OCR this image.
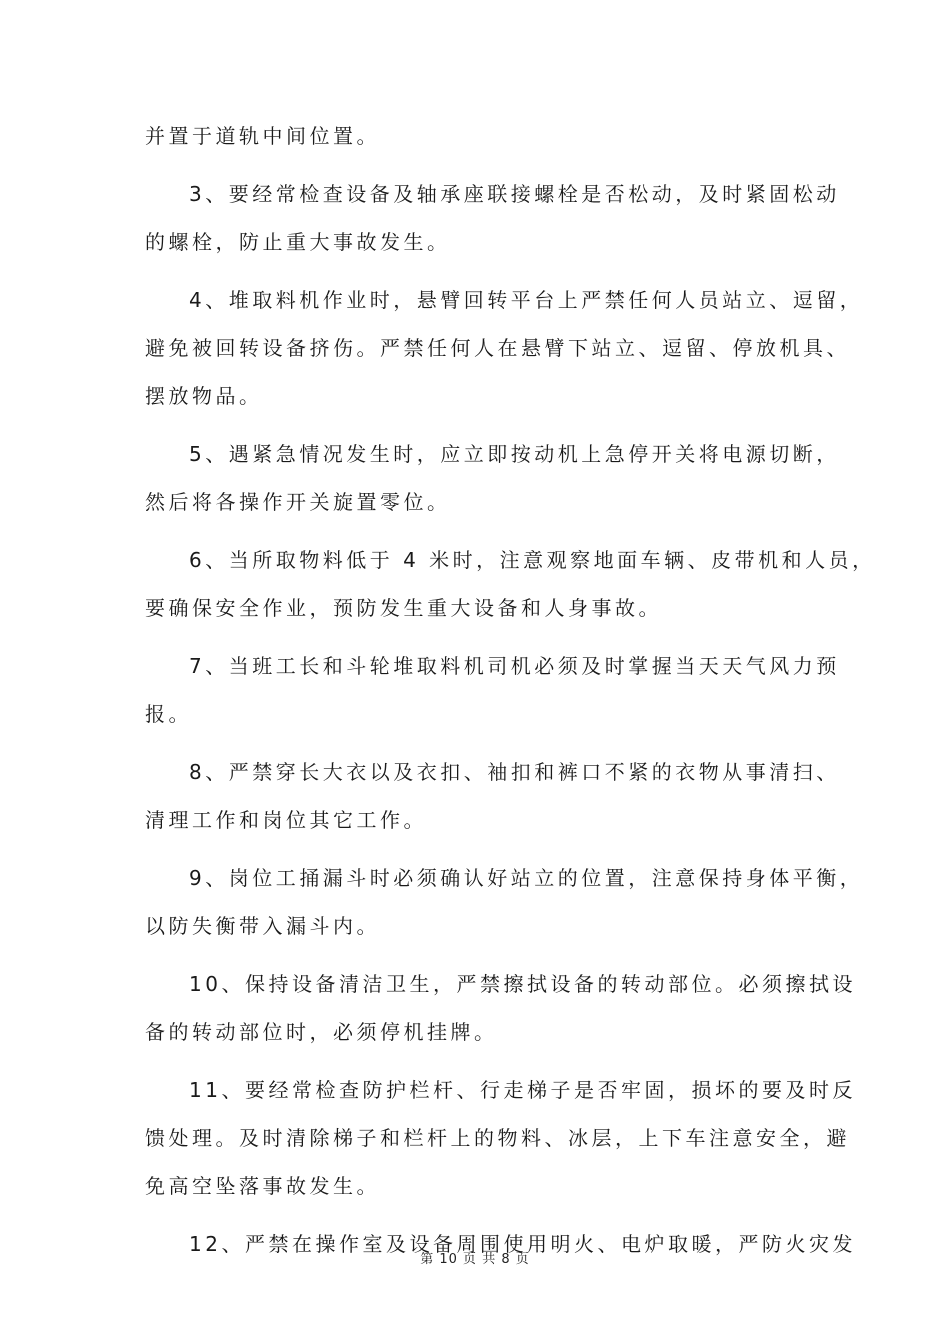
并置于道轨中间位置。
3、要经常检查设备及轴承座联接螺栓是否松动，及时紧固松动
的螺栓，防止重大事故发生。
4、堆取料机作业时，悬臂回转平台上严禁任何人员站立、逗留，
避免被回转设备挤伤。严禁任何人在悬臂下站立、逗留、停放机具、
摆放物品。
5、遇紧急情况发生时，应立即按动机上急停开关将电源切断，
然后将各操作开关旋置零位。
6、当所取物料低于 4 米时，注意观察地面车辆、皮带机和人员，
要确保安全作业，预防发生重大设备和人身事故。
7、当班工长和斗轮堆取料机司机必须及时掌握当天天气风力预
报。
8、严禁穿长大衣以及衣扣、袖扣和裤口不紧的衣物从事清扫、
清理工作和岗位其它工作。
9、岗位工捅漏斗时必须确认好站立的位置，注意保持身体平衡，
以防失衡带入漏斗内。
10、保持设备清洁卫生，严禁擦拭设备的转动部位。必须擦拭设
备的转动部位时，必须停机挂牌。
11、要经常检查防护栏杆、行走梯子是否牢固，损坏的要及时反
馈处理。及时清除梯子和栏杆上的物料、冰层，上下车注意安全，避
免高空坠落事故发生。
12、严禁在操作室及设备周围使用明火、电炉取暖，严防火灾发
第 10 页 共 8 页
